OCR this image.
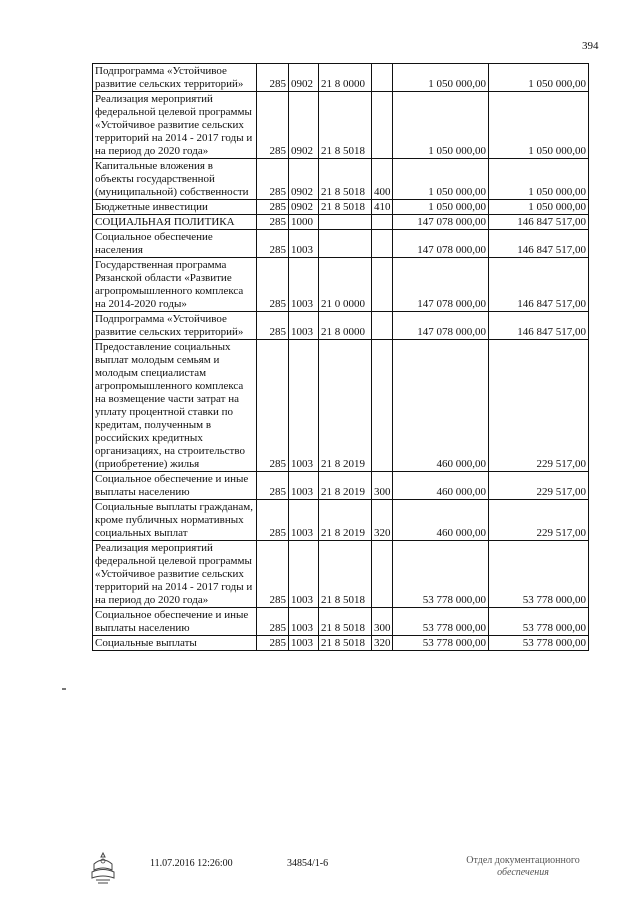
394
Подпрограмма «Устойчивое развитие сельских территорий»	285	0902	21 8 0000		1 050 000,00	1 050 000,00
Реализация мероприятий федеральной целевой программы «Устойчивое развитие сельских территорий на 2014 - 2017 годы и на период до 2020 года»	285	0902	21 8 5018		1 050 000,00	1 050 000,00
Капитальные вложения в объекты государственной (муниципальной) собственности	285	0902	21 8 5018	400	1 050 000,00	1 050 000,00
Бюджетные инвестиции	285	0902	21 8 5018	410	1 050 000,00	1 050 000,00
СОЦИАЛЬНАЯ ПОЛИТИКА	285	1000			147 078 000,00	146 847 517,00
Социальное обеспечение населения	285	1003			147 078 000,00	146 847 517,00
Государственная программа Рязанской области «Развитие агропромышленного комплекса на 2014-2020 годы»	285	1003	21 0 0000		147 078 000,00	146 847 517,00
Подпрограмма «Устойчивое развитие сельских территорий»	285	1003	21 8 0000		147 078 000,00	146 847 517,00
Предоставление социальных выплат молодым семьям и молодым специалистам агропромышленного комплекса на возмещение части затрат на уплату процентной ставки по кредитам, полученным в российских кредитных организациях, на строительство (приобретение) жилья	285	1003	21 8 2019		460 000,00	229 517,00
Социальное обеспечение и иные выплаты населению	285	1003	21 8 2019	300	460 000,00	229 517,00
Социальные выплаты гражданам, кроме публичных нормативных социальных выплат	285	1003	21 8 2019	320	460 000,00	229 517,00
Реализация мероприятий федеральной целевой программы «Устойчивое развитие сельских территорий на 2014 - 2017 годы и на период до 2020 года»	285	1003	21 8 5018		53 778 000,00	53 778 000,00
Социальное обеспечение и иные выплаты населению	285	1003	21 8 5018	300	53 778 000,00	53 778 000,00
Социальные выплаты	285	1003	21 8 5018	320	53 778 000,00	53 778 000,00
11.07.2016 12:26:00	34854/1-6	Отдел документационного
обеспечения
